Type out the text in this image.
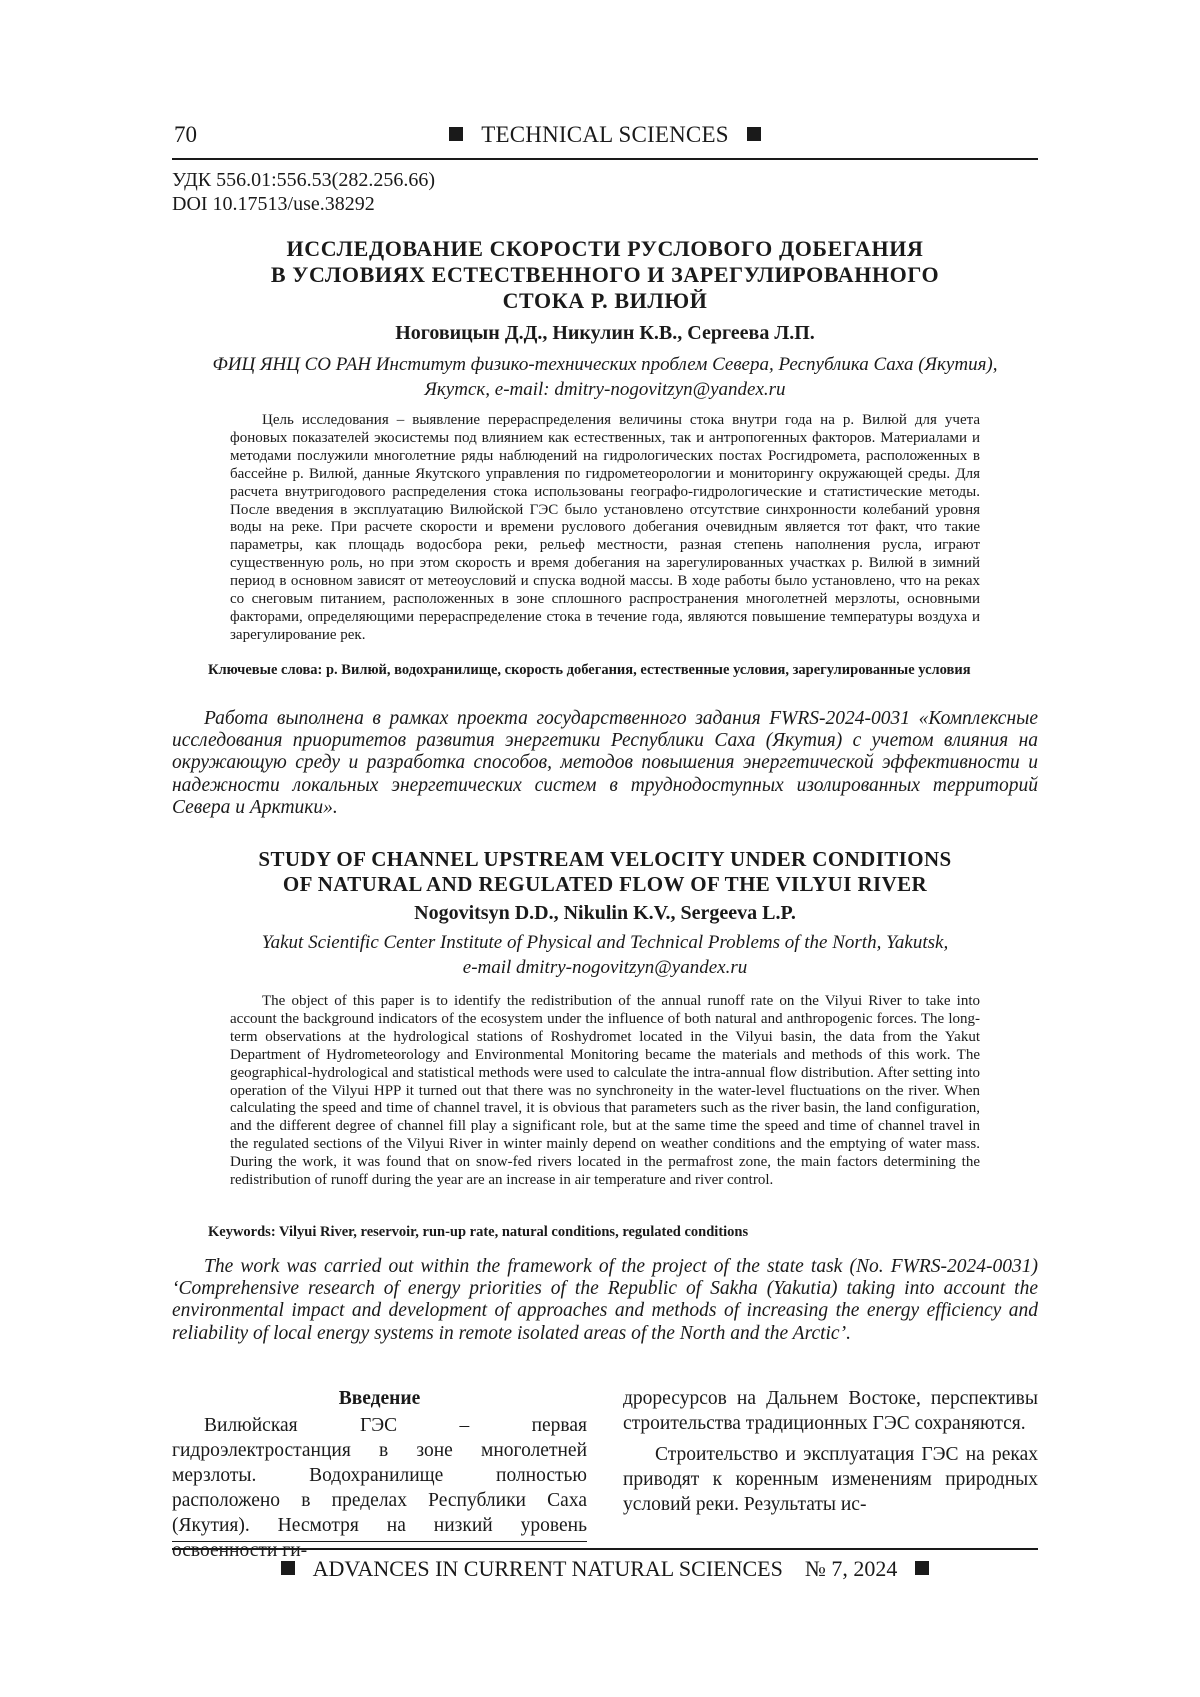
70	TECHNICAL SCIENCES
УДК 556.01:556.53(282.256.66)
DOI 10.17513/use.38292
ИССЛЕДОВАНИЕ СКОРОСТИ РУСЛОВОГО ДОБЕГАНИЯ
В УСЛОВИЯХ ЕСТЕСТВЕННОГО И ЗАРЕГУЛИРОВАННОГО
СТОКА Р. ВИЛЮЙ
Ноговицын Д.Д., Никулин К.В., Сергеева Л.П.
ФИЦ ЯНЦ СО РАН Институт физико-технических проблем Севера, Республика Саха (Якутия),
Якутск, e-mail: dmitry-nogovitzyn@yandex.ru
Цель исследования – выявление перераспределения величины стока внутри года на р. Вилюй для учета фоновых показателей экосистемы под влиянием как естественных, так и антропогенных факторов. Материалами и методами послужили многолетние ряды наблюдений на гидрологических постах Росгидромета, расположенных в бассейне р. Вилюй, данные Якутского управления по гидрометеорологии и мониторингу окружающей среды. Для расчета внутригодового распределения стока использованы географо-гидрологические и статистические методы. После введения в эксплуатацию Вилюйской ГЭС было установлено отсутствие синхронности колебаний уровня воды на реке. При расчете скорости и времени руслового добегания очевидным является тот факт, что такие параметры, как площадь водосбора реки, рельеф местности, разная степень наполнения русла, играют существенную роль, но при этом скорость и время добегания на зарегулированных участках р. Вилюй в зимний период в основном зависят от метеоусловий и спуска водной массы. В ходе работы было установлено, что на реках со снеговым питанием, расположенных в зоне сплошного распространения многолетней мерзлоты, основными факторами, определяющими перераспределение стока в течение года, являются повышение температуры воздуха и зарегулирование рек.
Ключевые слова: р. Вилюй, водохранилище, скорость добегания, естественные условия, зарегулированные условия
Работа выполнена в рамках проекта государственного задания FWRS-2024-0031 «Комплексные исследования приоритетов развития энергетики Республики Саха (Якутия) с учетом влияния на окружающую среду и разработка способов, методов повышения энергетической эффективности и надежности локальных энергетических систем в труднодоступных изолированных территорий Севера и Арктики».
STUDY OF CHANNEL UPSTREAM VELOCITY UNDER CONDITIONS
OF NATURAL AND REGULATED FLOW OF THE VILYUI RIVER
Nogovitsyn D.D., Nikulin K.V., Sergeeva L.P.
Yakut Scientific Center Institute of Physical and Technical Problems of the North, Yakutsk,
e-mail dmitry-nogovitzyn@yandex.ru
The object of this paper is to identify the redistribution of the annual runoff rate on the Vilyui River to take into account the background indicators of the ecosystem under the influence of both natural and anthropogenic forces. The long-term observations at the hydrological stations of Roshydromet located in the Vilyui basin, the data from the Yakut Department of Hydrometeorology and Environmental Monitoring became the materials and methods of this work. The geographical-hydrological and statistical methods were used to calculate the intra-annual flow distribution. After setting into operation of the Vilyui HPP it turned out that there was no synchroneity in the water-level fluctuations on the river. When calculating the speed and time of channel travel, it is obvious that parameters such as the river basin, the land configuration, and the different degree of channel fill play a significant role, but at the same time the speed and time of channel travel in the regulated sections of the Vilyui River in winter mainly depend on weather conditions and the emptying of water mass. During the work, it was found that on snow-fed rivers located in the permafrost zone, the main factors determining the redistribution of runoff during the year are an increase in air temperature and river control.
Keywords: Vilyui River, reservoir, run-up rate, natural conditions, regulated conditions
The work was carried out within the framework of the project of the state task (No. FWRS-2024-0031) ‘Comprehensive research of energy priorities of the Republic of Sakha (Yakutia) taking into account the environmental impact and development of approaches and methods of increasing the energy efficiency and reliability of local energy systems in remote isolated areas of the North and the Arctic’.
Введение

Вилюйская ГЭС – первая гидроэлектростанция в зоне многолетней мерзлоты. Водохранилище полностью расположено в пределах Республики Саха (Якутия). Несмотря на низкий уровень освоенности ги-

дроресурсов на Дальнем Востоке, перспективы строительства традиционных ГЭС сохраняются.

Строительство и эксплуатация ГЭС на реках приводят к коренным изменениям природных условий реки. Результаты ис-

ADVANCES IN CURRENT NATURAL SCIENCES № 7, 2024
